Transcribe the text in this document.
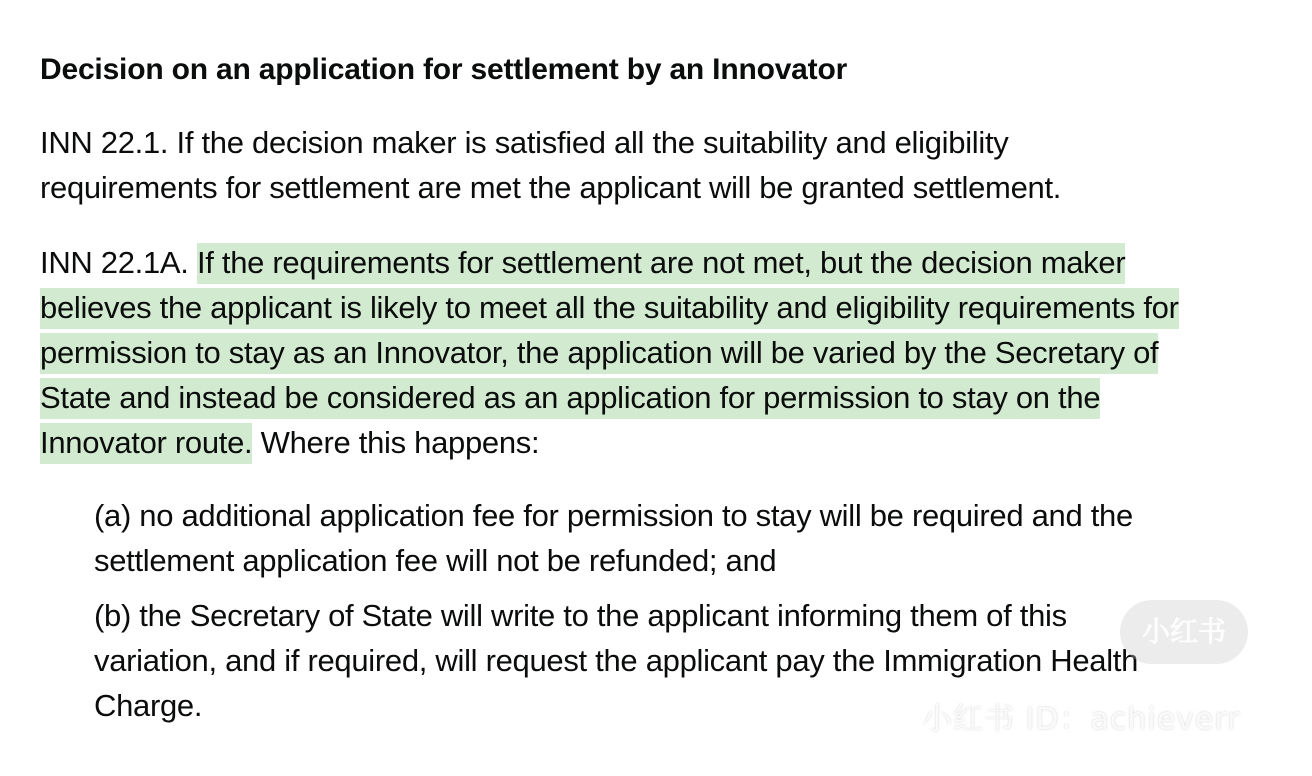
Decision on an application for settlement by an Innovator

INN 22.1. If the decision maker is satisfied all the suitability and eligibility requirements for settlement are met the applicant will be granted settlement.

INN 22.1A. If the requirements for settlement are not met, but the decision maker believes the applicant is likely to meet all the suitability and eligibility requirements for permission to stay as an Innovator, the application will be varied by the Secretary of State and instead be considered as an application for permission to stay on the Innovator route. Where this happens:

(a) no additional application fee for permission to stay will be required and the settlement application fee will not be refunded; and
(b) the Secretary of State will write to the applicant informing them of this variation, and if required, will request the applicant pay the Immigration Health Charge.
小红书
小红书 ID：achieverr
